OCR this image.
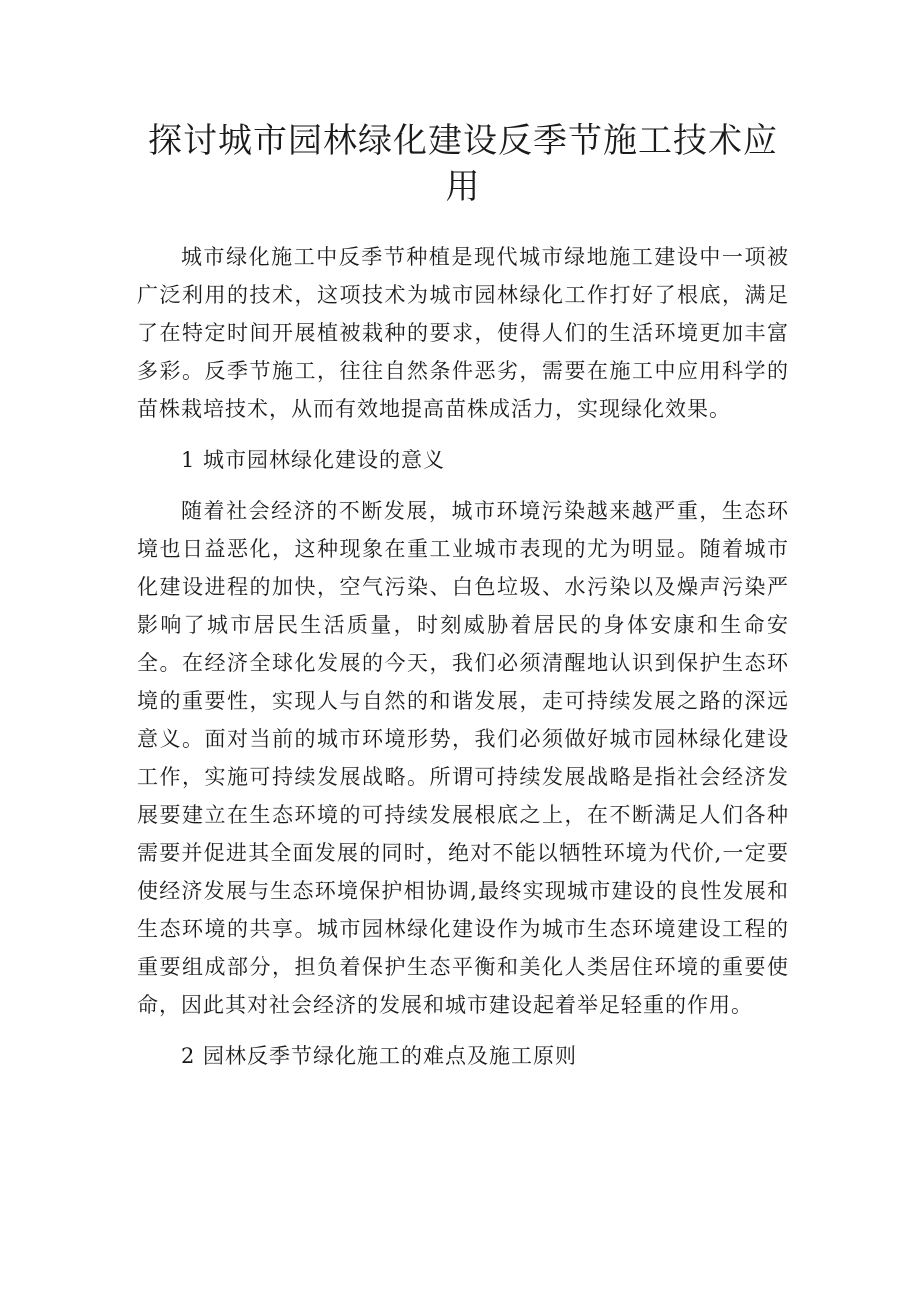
探讨城市园林绿化建设反季节施工技术应用

城市绿化施工中反季节种植是现代城市绿地施工建设中一项被广泛利用的技术，这项技术为城市园林绿化工作打好了根底，满足了在特定时间开展植被栽种的要求，使得人们的生活环境更加丰富多彩。反季节施工，往往自然条件恶劣，需要在施工中应用科学的苗株栽培技术，从而有效地提高苗株成活力，实现绿化效果。

1 城市园林绿化建设的意义

随着社会经济的不断发展，城市环境污染越来越严重，生态环境也日益恶化，这种现象在重工业城市表现的尤为明显。随着城市化建设进程的加快，空气污染、白色垃圾、水污染以及燥声污染严影响了城市居民生活质量，时刻威胁着居民的身体安康和生命安全。在经济全球化发展的今天，我们必须清醒地认识到保护生态环境的重要性，实现人与自然的和谐发展，走可持续发展之路的深远意义。面对当前的城市环境形势，我们必须做好城市园林绿化建设工作，实施可持续发展战略。所谓可持续发展战略是指社会经济发展要建立在生态环境的可持续发展根底之上，在不断满足人们各种需要并促进其全面发展的同时，绝对不能以牺牲环境为代价,一定要使经济发展与生态环境保护相协调,最终实现城市建设的良性发展和生态环境的共享。城市园林绿化建设作为城市生态环境建设工程的重要组成部分，担负着保护生态平衡和美化人类居住环境的重要使命，因此其对社会经济的发展和城市建设起着举足轻重的作用。

2 园林反季节绿化施工的难点及施工原则
